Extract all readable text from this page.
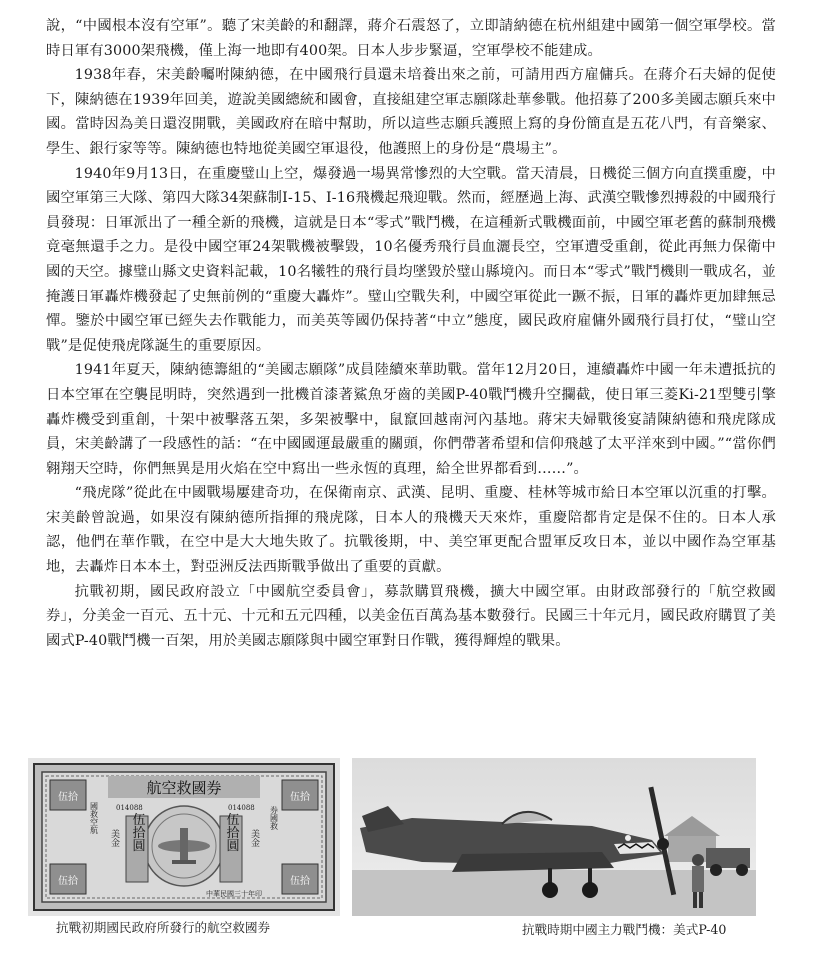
說，“中國根本沒有空軍”。聽了宋美齡的和翻譯，蔣介石震怒了，立即請納德在杭州組建中國第一個空軍學校。當時日軍有3000架飛機，僅上海一地即有400架。日本人步步緊逼，空軍學校不能建成。

1938年春，宋美齡囑咐陳納德，在中國飛行員還未培養出來之前，可請用西方雇傭兵。在蔣介石夫婦的促使下，陳納德在1939年回美，遊說美國總統和國會，直接組建空軍志願隊赴華參戰。他招募了200多美國志願兵來中國。當時因為美日還沒開戰，美國政府在暗中幫助，所以這些志願兵護照上寫的身份簡直是五花八門，有音樂家、學生、銀行家等等。陳納德也特地從美國空軍退役，他護照上的身份是“農場主”。

1940年9月13日，在重慶璧山上空，爆發過一場異常慘烈的大空戰。當天清晨，日機從三個方向直撲重慶，中國空軍第三大隊、第四大隊34架蘇制I-15、I-16飛機起飛迎戰。然而，經歷過上海、武漢空戰慘烈搏殺的中國飛行員發現：日軍派出了一種全新的飛機，這就是日本“零式”戰鬥機，在這種新式戰機面前，中國空軍老舊的蘇制飛機竟毫無還手之力。是役中國空軍24架戰機被擊毀，10名優秀飛行員血灑長空，空軍遭受重創，從此再無力保衛中國的天空。據璧山縣文史資料記載，10名犧牲的飛行員均墜毀於璧山縣境內。而日本“零式”戰鬥機則一戰成名，並掩護日軍轟炸機發起了史無前例的“重慶大轟炸”。璧山空戰失利，中國空軍從此一蹶不振，日軍的轟炸更加肆無忌憚。鑒於中國空軍已經失去作戰能力，而美英等國仍保持著“中立”態度，國民政府雇傭外國飛行員打仗，“璧山空戰”是促使飛虎隊誕生的重要原因。

1941年夏天，陳納德籌組的“美國志願隊”成員陸續來華助戰。當年12月20日，連續轟炸中國一年未遭抵抗的日本空軍在空襲昆明時，突然遇到一批機首漆著鯊魚牙齒的美國P-40戰鬥機升空攔截，使日軍三菱Ki-21型雙引擎轟炸機受到重創，十架中被擊落五架，多架被擊中，鼠竄回越南河內基地。蔣宋夫婦戰後宴請陳納德和飛虎隊成員，宋美齡講了一段感性的話：“在中國國運最嚴重的關頭，你們帶著希望和信仰飛越了太平洋來到中國。”“當你們翱翔天空時，你們無異是用火焰在空中寫出一些永恆的真理，給全世界都看到……”。

“飛虎隊”從此在中國戰場屢建奇功，在保衛南京、武漢、昆明、重慶、桂林等城市給日本空軍以沉重的打擊。宋美齡曾說過，如果沒有陳納德所指揮的飛虎隊，日本人的飛機天天來炸，重慶陪都肯定是保不住的。日本人承認，他們在華作戰，在空中是大大地失敗了。抗戰後期，中、美空軍更配合盟軍反攻日本，並以中國作為空軍基地，去轟炸日本本土，對亞洲反法西斯戰爭做出了重要的貢獻。

抗戰初期，國民政府設立「中國航空委員會」，募款購買飛機，擴大中國空軍。由財政部發行的「航空救國券」，分美金一百元、五十元、十元和五元四種，以美金伍百萬為基本數發行。民國三十年元月，國民政府購買了美國式P-40戰鬥機一百架，用於美國志願隊與中國空軍對日作戰，獲得輝煌的戰果。

航空救國券
014088	014088
伍拾圓	伍拾圓
美金	美金
伍拾	伍拾
伍拾	伍拾
國救空航	券國救
中華民國三十年印
抗戰初期國民政府所發行的航空救國券	抗戰時期中國主力戰鬥機：美式P-40
